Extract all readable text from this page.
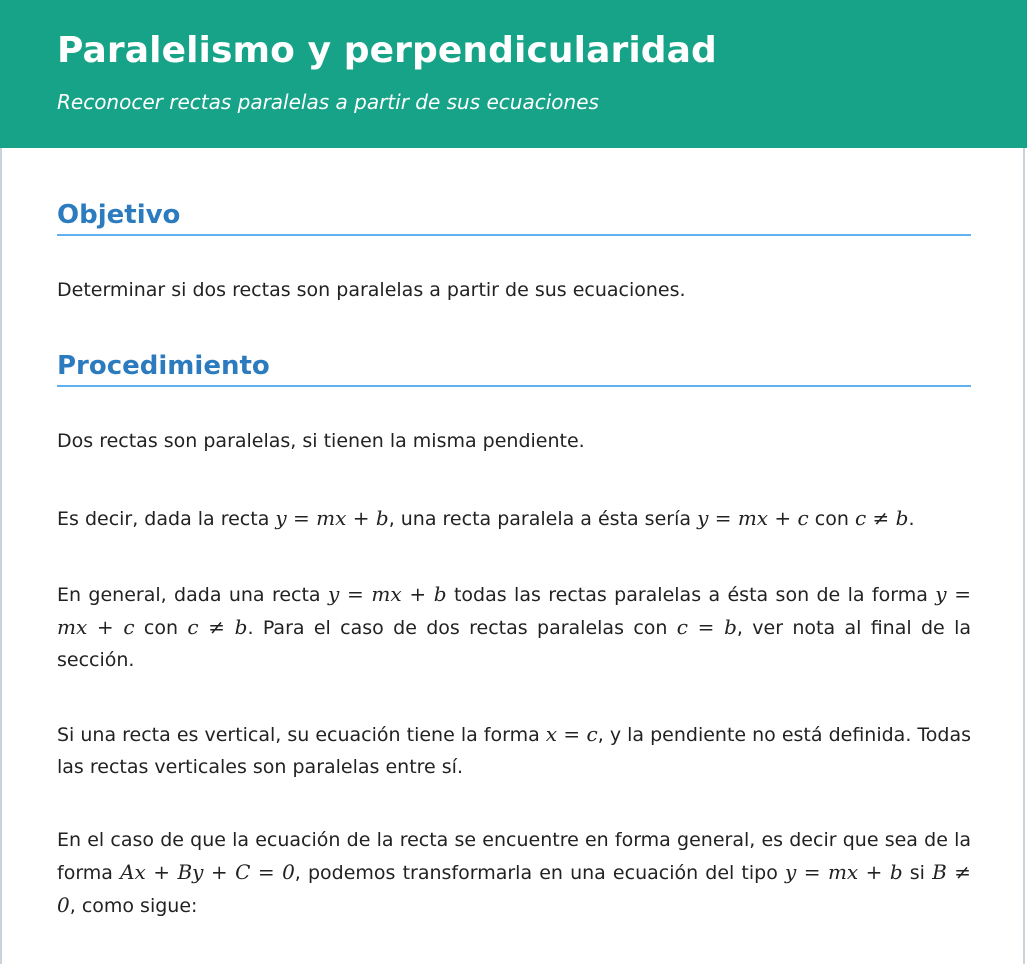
Paralelismo y perpendicularidad
Reconocer rectas paralelas a partir de sus ecuaciones
Objetivo
Determinar si dos rectas son paralelas a partir de sus ecuaciones.
Procedimiento
Dos rectas son paralelas, si tienen la misma pendiente.
Es decir, dada la recta y = mx + b, una recta paralela a ésta sería y = mx + c con c ≠ b.
En general, dada una recta y = mx + b todas las rectas paralelas a ésta son de la forma y = mx + c con c ≠ b. Para el caso de dos rectas paralelas con c = b, ver nota al final de la sección.
Si una recta es vertical, su ecuación tiene la forma x = c, y la pendiente no está definida. Todas las rectas verticales son paralelas entre sí.
En el caso de que la ecuación de la recta se encuentre en forma general, es decir que sea de la forma Ax + By + C = 0, podemos transformarla en una ecuación del tipo y = mx + b si B ≠ 0, como sigue:
